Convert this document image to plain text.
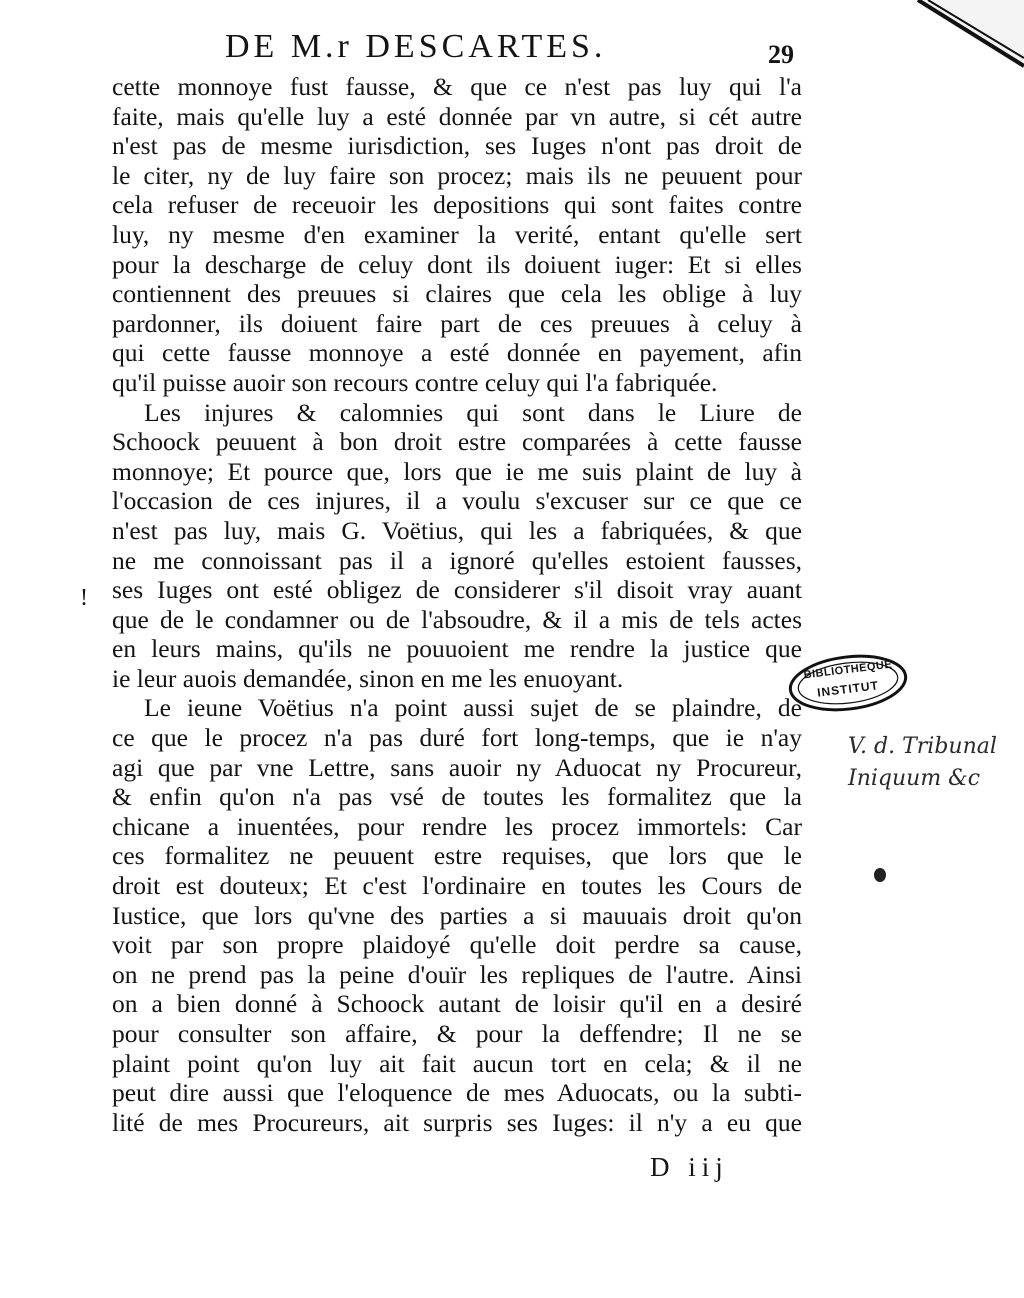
DE M.r DESCARTES.	29
!
cette monnoye fust fausse, & que ce n'est pas luy qui l'a
faite, mais qu'elle luy a esté donnée par vn autre, si cét autre
n'est pas de mesme iurisdiction, ses Iuges n'ont pas droit de
le citer, ny de luy faire son procez; mais ils ne peuuent pour
cela refuser de receuoir les depositions qui sont faites contre
luy, ny mesme d'en examiner la verité, entant qu'elle sert
pour la descharge de celuy dont ils doiuent iuger: Et si elles
contiennent des preuues si claires que cela les oblige à luy
pardonner, ils doiuent faire part de ces preuues à celuy à
qui cette fausse monnoye a esté donnée en payement, afin
qu'il puisse auoir son recours contre celuy qui l'a fabriquée.
Les injures & calomnies qui sont dans le Liure de
Schoock peuuent à bon droit estre comparées à cette fausse
monnoye; Et pource que, lors que ie me suis plaint de luy à
l'occasion de ces injures, il a voulu s'excuser sur ce que ce
n'est pas luy, mais G. Voëtius, qui les a fabriquées, & que
ne me connoissant pas il a ignoré qu'elles estoient fausses,
ses Iuges ont esté obligez de considerer s'il disoit vray auant
que de le condamner ou de l'absoudre, & il a mis de tels actes
en leurs mains, qu'ils ne pouuoient me rendre la justice que
ie leur auois demandée, sinon en me les enuoyant.
Le ieune Voëtius n'a point aussi sujet de se plaindre, de
ce que le procez n'a pas duré fort long-temps, que ie n'ay
agi que par vne Lettre, sans auoir ny Aduocat ny Procureur,
& enfin qu'on n'a pas vsé de toutes les formalitez que la
chicane a inuentées, pour rendre les procez immortels: Car
ces formalitez ne peuuent estre requises, que lors que le
droit est douteux; Et c'est l'ordinaire en toutes les Cours de
Iustice, que lors qu'vne des parties a si mauuais droit qu'on
voit par son propre plaidoyé qu'elle doit perdre sa cause,
on ne prend pas la peine d'ouïr les repliques de l'autre. Ainsi
on a bien donné à Schoock autant de loisir qu'il en a desiré
pour consulter son affaire, & pour la deffendre; Il ne se
plaint point qu'on luy ait fait aucun tort en cela; & il ne
peut dire aussi que l'eloquence de mes Aduocats, ou la subti-
lité de mes Procureurs, ait surpris ses Iuges: il n'y a eu que
D iij
BIBLIOTHÈQUE
INSTITUT
V. d. Tribunal
Iniquum &c
